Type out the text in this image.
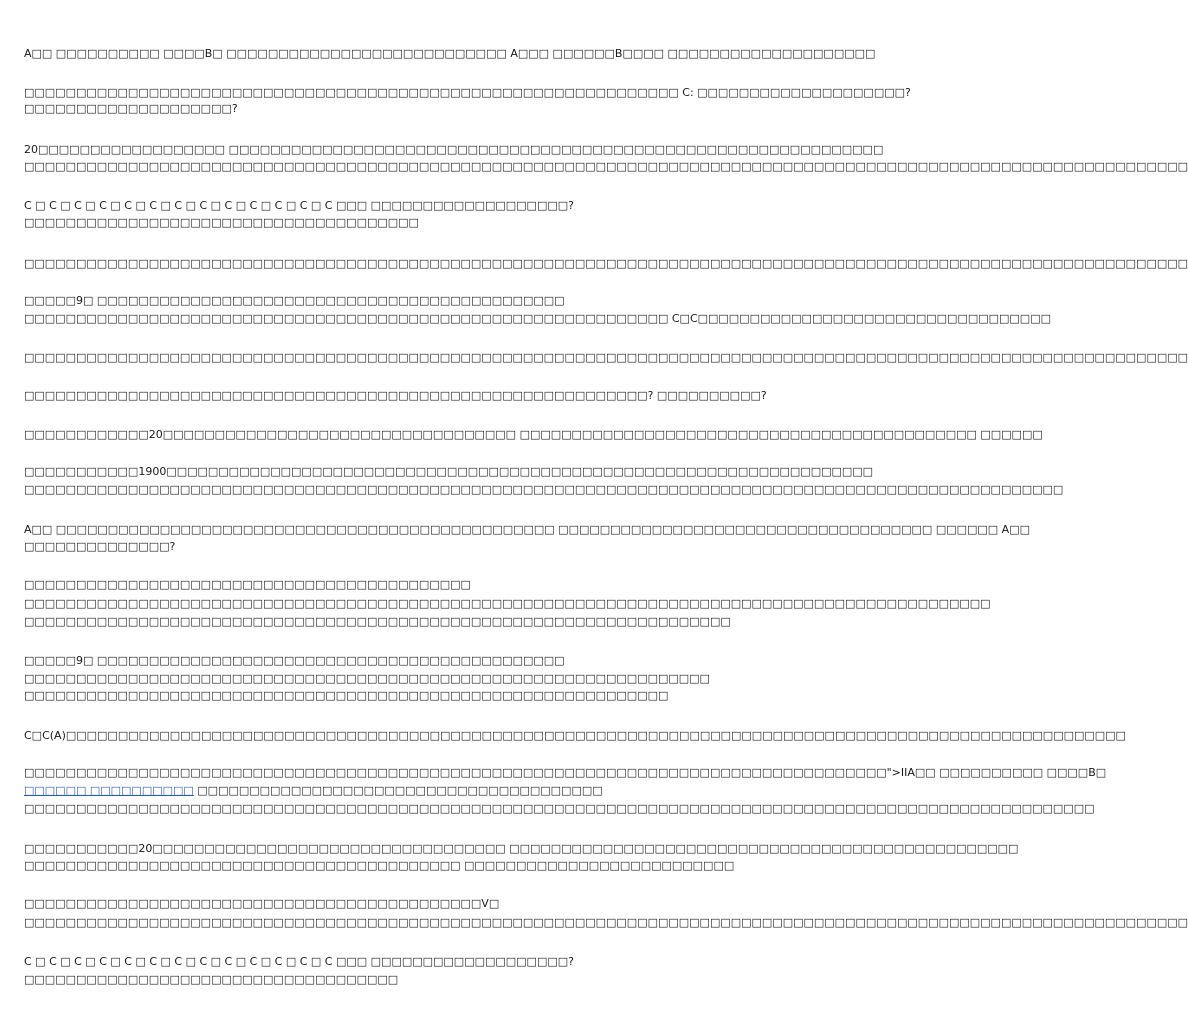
A□□ □□□□□□□□□□ □□□□B□ □□□□□□□□□□□□□□□□□□□□□□□□□□□ A□□□ □□□□□□B□□□□ □□□□□□□□□□□□□□□□□□□□
□□□□□□□□□□□□□□□□□□□□□□□□□□□□□□□□□□□□□□□□□□□□□□□□□□□□□□□□□□□□□□□ C: □□□□□□□□□□□□□□□□□□□□?
□□□□□□□□□□□□□□□□□□□□?
20□□□□□□□□□□□□□□□□□□ □□□□□□□□□□□□□□□□□□□□□□□□□□□□□□□□□□□□□□□□□□□□□□□□□□□□□□□□□□□□□□□
□□□□□□□□□□□□□□□□□□□□□□□□□□□□□□□□□□□□□□□□□□□□□□□□□□□□□□□□□□□□□□□□□□□□□□□□□□□□□□□□□□□□□□□□□□□□□□□□□□□□□□□□□□□□□□□□
C □ C □ C □ C □ C □ C □ C □ C □ C □ C □ C □ C □ C □□□ □□□□□□□□□□□□□□□□□□□?
□□□□□□□□□□□□□□□□□□□□□□□□□□□□□□□□□□□□□□
□□□□□□□□□□□□□□□□□□□□□□□□□□□□□□□□□□□□□□□□□□□□□□□□□□□□□□□□□□□□□□□□□□□□□□□□□□□□□□□□□□□□□□□□□□□□□□□□□□□□□□□□□□□□□□□□
□□□□□9□ □□□□□□□□□□□□□□□□□□□□□□□□□□□□□□□□□□□□□□□□□□□□□
□□□□□□□□□□□□□□□□□□□□□□□□□□□□□□□□□□□□□□□□□□□□□□□□□□□□□□□□□□□□□□ C□C□□□□□□□□□□□□□□□□□□□□□□□□□□□□□□□□□□
□□□□□□□□□□□□□□□□□□□□□□□□□□□□□□□□□□□□□□□□□□□□□□□□□□□□□□□□□□□□□□□□□□□□□□□□□□□□□□□□□□□□□□□□□□□□□□□□□□□□□□□□□□□□□□□□
□□□□□□□□□□□□□□□□□□□□□□□□□□□□□□□□□□□□□□□□□□□□□□□□□□□□□□□□□□□□? □□□□□□□□□□?
□□□□□□□□□□□□20□□□□□□□□□□□□□□□□□□□□□□□□□□□□□□□□□□ □□□□□□□□□□□□□□□□□□□□□□□□□□□□□□□□□□□□□□□□□□□□ □□□□□□
□□□□□□□□□□□1900□□□□□□□□□□□□□□□□□□□□□□□□□□□□□□□□□□□□□□□□□□□□□□□□□□□□□□□□□□□□□□□□□□□□
□□□□□□□□□□□□□□□□□□□□□□□□□□□□□□□□□□□□□□□□□□□□□□□□□□□□□□□□□□□□□□□□□□□□□□□□□□□□□□□□□□□□□□□□□□□□□□□□□□□□
A□□ □□□□□□□□□□□□□□□□□□□□□□□□□□□□□□□□□□□□□□□□□□□□□□□□ □□□□□□□□□□□□□□□□□□□□□□□□□□□□□□□□□□□□ □□□□□□ A□□
□□□□□□□□□□□□□□?
□□□□□□□□□□□□□□□□□□□□□□□□□□□□□□□□□□□□□□□□□□□
□□□□□□□□□□□□□□□□□□□□□□□□□□□□□□□□□□□□□□□□□□□□□□□□□□□□□□□□□□□□□□□□□□□□□□□□□□□□□□□□□□□□□□□□□□□□□
□□□□□□□□□□□□□□□□□□□□□□□□□□□□□□□□□□□□□□□□□□□□□□□□□□□□□□□□□□□□□□□□□□□□
□□□□□9□ □□□□□□□□□□□□□□□□□□□□□□□□□□□□□□□□□□□□□□□□□□□□□
□□□□□□□□□□□□□□□□□□□□□□□□□□□□□□□□□□□□□□□□□□□□□□□□□□□□□□□□□□□□□□□□□□
□□□□□□□□□□□□□□□□□□□□□□□□□□□□□□□□□□□□□□□□□□□□□□□□□□□□□□□□□□□□□□
C□C(A)□□□□□□□□□□□□□□□□□□□□□□□□□□□□□□□□□□□□□□□□□□□□□□□□□□□□□□□□□□□□□□□□□□□□□□□□□□□□□□□□□□□□□□□□□□□□□□□□□□□□□□
□□□□□□□□□□□□□□□□□□□□□□□□□□□□□□□□□□□□□□□□□□□□□□□□□□□□□□□□□□□□□□□□□□□□□□□□□□□□□□□□□□□">IIA□□ □□□□□□□□□□ □□□□B□
□□□□□□ □□□□□□□□□□ □□□□□□□□□□□□□□□□□□□□□□□□□□□□□□□□□□□□□□□
□□□□□□□□□□□□□□□□□□□□□□□□□□□□□□□□□□□□□□□□□□□□□□□□□□□□□□□□□□□□□□□□□□□□□□□□□□□□□□□□□□□□□□□□□□□□□□□□□□□□□□□
□□□□□□□□□□□20□□□□□□□□□□□□□□□□□□□□□□□□□□□□□□□□□□ □□□□□□□□□□□□□□□□□□□□□□□□□□□□□□□□□□□□□□□□□□□□□□□□□
□□□□□□□□□□□□□□□□□□□□□□□□□□□□□□□□□□□□□□□□□□ □□□□□□□□□□□□□□□□□□□□□□□□□□
□□□□□□□□□□□□□□□□□□□□□□□□□□□□□□□□□□□□□□□□□□□□V□
□□□□□□□□□□□□□□□□□□□□□□□□□□□□□□□□□□□□□□□□□□□□□□□□□□□□□□□□□□□□□□□□□□□□□□□□□□□□□□□□□□□□□□□□□□□□□□□□□□□□□□□□□□□□□□□□
C □ C □ C □ C □ C □ C □ C □ C □ C □ C □ C □ C □ C □□□ □□□□□□□□□□□□□□□□□□□?
□□□□□□□□□□□□□□□□□□□□□□□□□□□□□□□□□□□□
